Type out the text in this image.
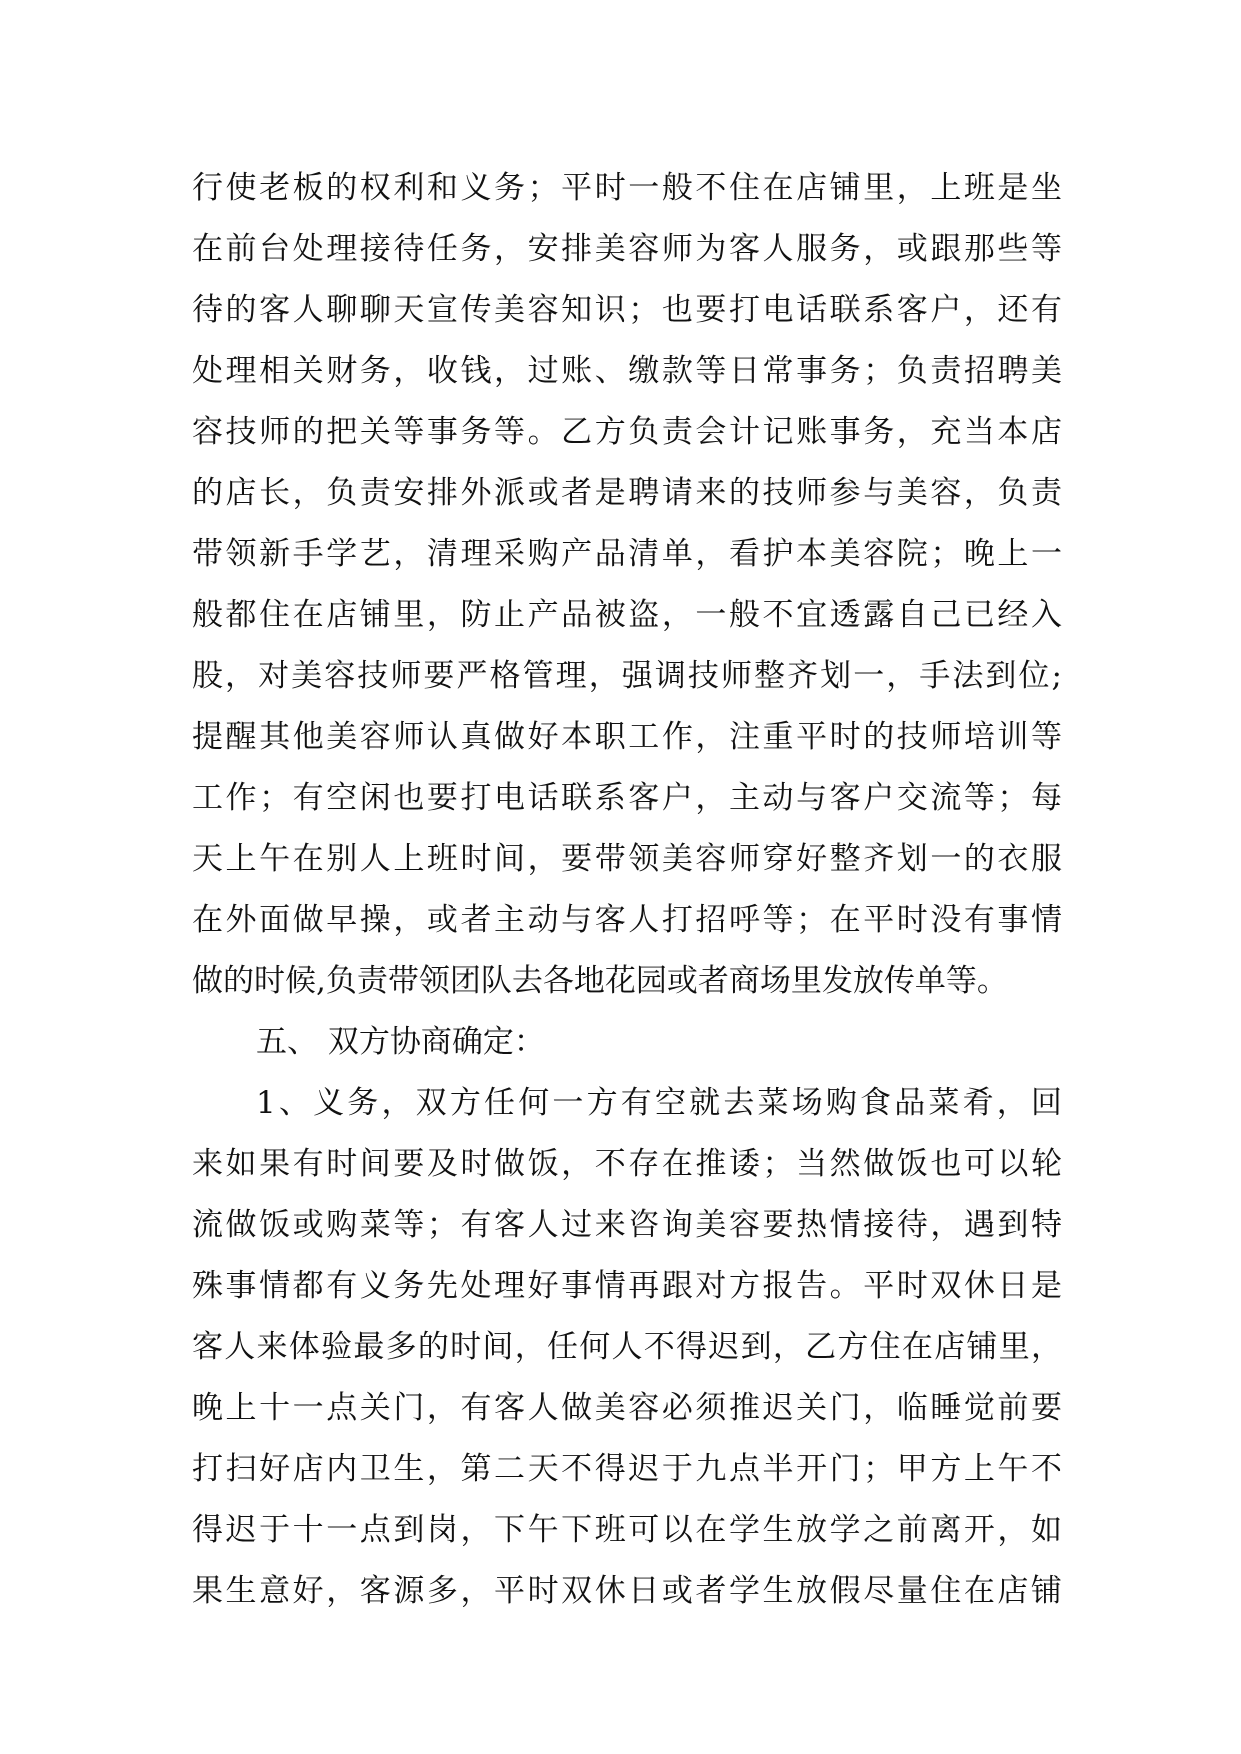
行使老板的权利和义务；平时一般不住在店铺里，上班是坐
在前台处理接待任务，安排美容师为客人服务，或跟那些等
待的客人聊聊天宣传美容知识；也要打电话联系客户，还有
处理相关财务，收钱，过账、缴款等日常事务；负责招聘美
容技师的把关等事务等。乙方负责会计记账事务，充当本店
的店长，负责安排外派或者是聘请来的技师参与美容，负责
带领新手学艺，清理采购产品清单，看护本美容院；晚上一
般都住在店铺里，防止产品被盗，一般不宜透露自己已经入
股，对美容技师要严格管理，强调技师整齐划一，手法到位;
提醒其他美容师认真做好本职工作，注重平时的技师培训等
工作；有空闲也要打电话联系客户，主动与客户交流等；每
天上午在别人上班时间，要带领美容师穿好整齐划一的衣服
在外面做早操，或者主动与客人打招呼等；在平时没有事情
做的时候,负责带领团队去各地花园或者商场里发放传单等。
五、 双方协商确定：
1、义务，双方任何一方有空就去菜场购食品菜肴，回
来如果有时间要及时做饭，不存在推诿；当然做饭也可以轮
流做饭或购菜等；有客人过来咨询美容要热情接待，遇到特
殊事情都有义务先处理好事情再跟对方报告。平时双休日是
客人来体验最多的时间，任何人不得迟到，乙方住在店铺里，
晚上十一点关门，有客人做美容必须推迟关门，临睡觉前要
打扫好店内卫生，第二天不得迟于九点半开门；甲方上午不
得迟于十一点到岗，下午下班可以在学生放学之前离开，如
果生意好，客源多，平时双休日或者学生放假尽量住在店铺
